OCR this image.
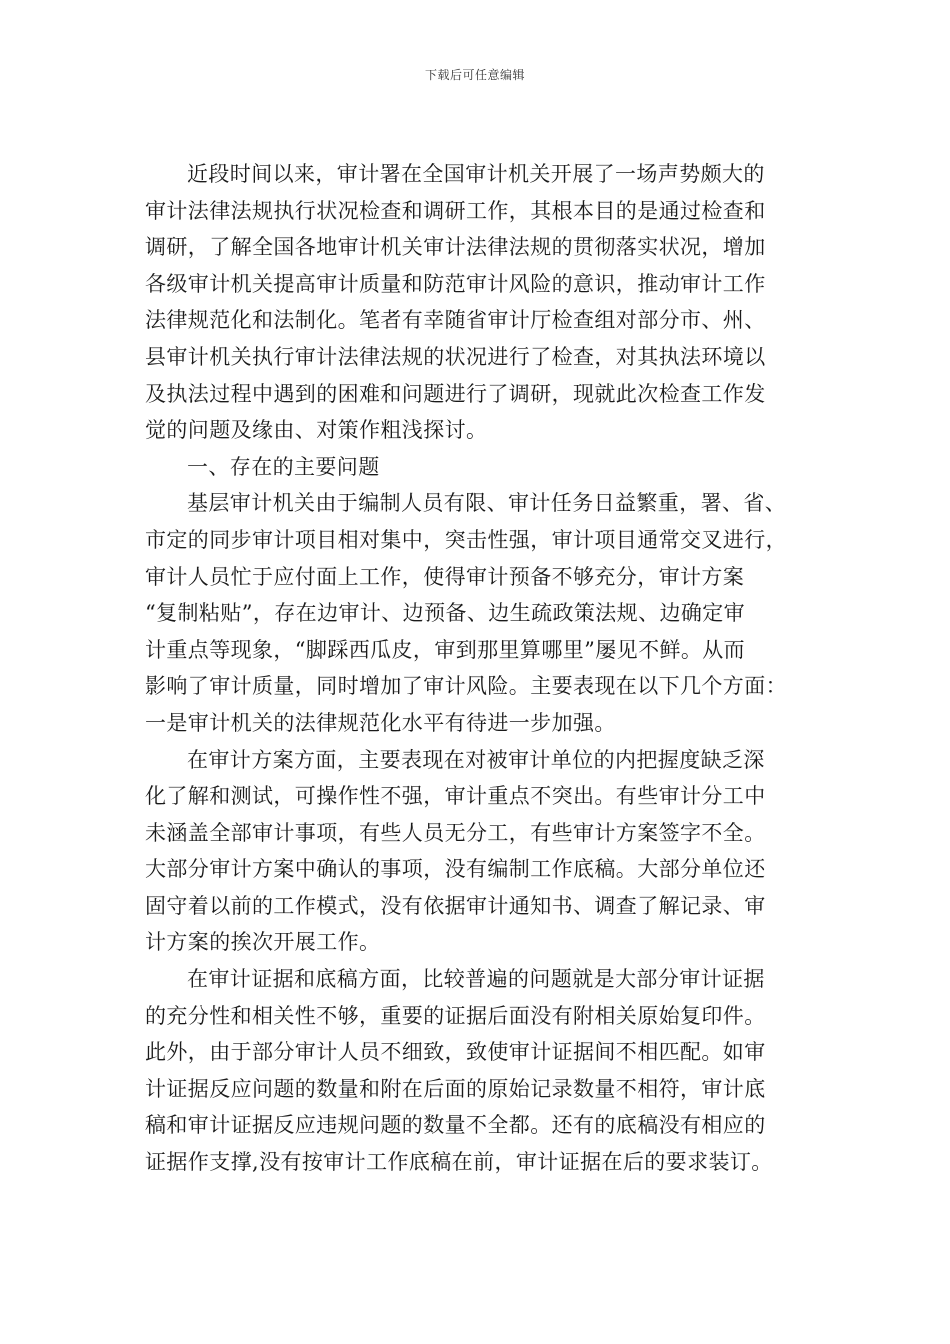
下载后可任意编辑
近段时间以来，审计署在全国审计机关开展了一场声势颇大的
审计法律法规执行状况检查和调研工作，其根本目的是通过检查和
调研，了解全国各地审计机关审计法律法规的贯彻落实状况，增加
各级审计机关提高审计质量和防范审计风险的意识，推动审计工作
法律规范化和法制化。笔者有幸随省审计厅检查组对部分市、州、
县审计机关执行审计法律法规的状况进行了检查，对其执法环境以
及执法过程中遇到的困难和问题进行了调研，现就此次检查工作发
觉的问题及缘由、对策作粗浅探讨。
一、存在的主要问题
基层审计机关由于编制人员有限、审计任务日益繁重，署、省、
市定的同步审计项目相对集中，突击性强，审计项目通常交叉进行，
审计人员忙于应付面上工作，使得审计预备不够充分，审计方案
“复制粘贴”，存在边审计、边预备、边生疏政策法规、边确定审
计重点等现象，“脚踩西瓜皮，审到那里算哪里”屡见不鲜。从而
影响了审计质量，同时增加了审计风险。主要表现在以下几个方面：
一是审计机关的法律规范化水平有待进一步加强。
在审计方案方面，主要表现在对被审计单位的内把握度缺乏深
化了解和测试，可操作性不强，审计重点不突出。有些审计分工中
未涵盖全部审计事项，有些人员无分工，有些审计方案签字不全。
大部分审计方案中确认的事项，没有编制工作底稿。大部分单位还
固守着以前的工作模式，没有依据审计通知书、调查了解记录、审
计方案的挨次开展工作。
在审计证据和底稿方面，比较普遍的问题就是大部分审计证据
的充分性和相关性不够，重要的证据后面没有附相关原始复印件。
此外，由于部分审计人员不细致，致使审计证据间不相匹配。如审
计证据反应问题的数量和附在后面的原始记录数量不相符，审计底
稿和审计证据反应违规问题的数量不全都。还有的底稿没有相应的
证据作支撑,没有按审计工作底稿在前，审计证据在后的要求装订。
